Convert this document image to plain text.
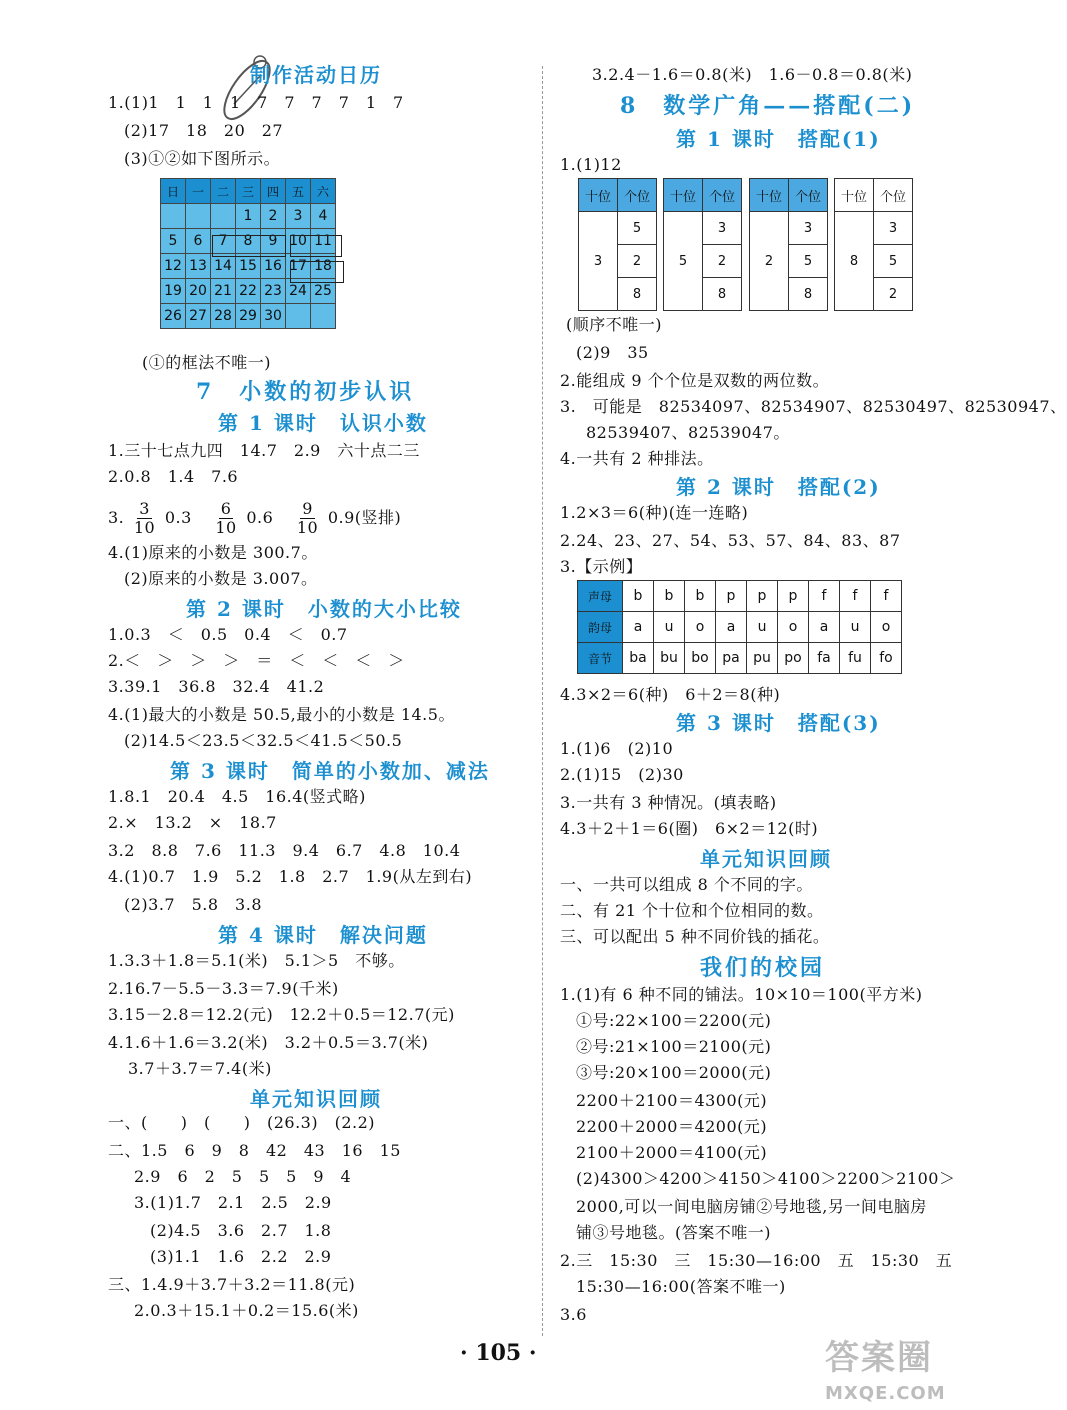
制作活动日历
1.(1)1　1　1　1　7　7　7　7　1　7
(2)17　18　20　27
(3)①②如下图所示。
日	一	二	三	四	五	六
			1	2	3	4
5	6	7	8	9	10	11
12	13	14	15	16	17	18
19	20	21	22	23	24	25
26	27	28	29	30		
(①的框法不唯一)
7　小数的初步认识
第 1 课时　认识小数
1.三十七点九四　14.7　2.9　六十点二三
2.0.8　1.4　7.6
3. $\frac{3}{10} 0.3 \frac{6}{10} 0.6 \frac{9}{10} 0.9$(竖排)
4.(1)原来的小数是 300.7。
(2)原来的小数是 3.007。
第 2 课时　小数的大小比较
1.0.3　＜　0.5　0.4　＜　0.7
2.＜　＞　＞　＞　＝　＜　＜　＜　＞
3.39.1　36.8　32.4　41.2
4.(1)最大的小数是 50.5,最小的小数是 14.5。
(2)14.5＜23.5＜32.5＜41.5＜50.5
第 3 课时　简单的小数加、减法
1.8.1　20.4　4.5　16.4(竖式略)
2.×　13.2　×　18.7
3.2　8.8　7.6　11.3　9.4　6.7　4.8　10.4
4.(1)0.7　1.9　5.2　1.8　2.7　1.9(从左到右)
(2)3.7　5.8　3.8
第 4 课时　解决问题
1.3.3＋1.8＝5.1(米)　5.1＞5　不够。
2.16.7－5.5－3.3＝7.9(千米)
3.15－2.8＝12.2(元)　12.2＋0.5＝12.7(元)
4.1.6＋1.6＝3.2(米)　3.2＋0.5＝3.7(米)
3.7＋3.7＝7.4(米)
单元知识回顾
一、(　　)　(　　)　(26.3)　(2.2)
二、1.5　6　9　8　42　43　16　15
2.9　6　2　5　5　5　9　4
3.(1)1.7　2.1　2.5　2.9
(2)4.5　3.6　2.7　1.8
(3)1.1　1.6　2.2　2.9
三、1.4.9＋3.7＋3.2＝11.8(元)
2.0.3＋15.1＋0.2＝15.6(米)
3.2.4－1.6＝0.8(米)　1.6－0.8＝0.8(米)
8　数学广角——搭配(二)
第 1 课时　搭配(1)
1.(1)12
十位	个位
3	5
	2
	8
十位	个位
5	3
	2
	8
十位	个位
2	3
	5
	8
十位	个位
8	3
	5
	2
(顺序不唯一)
(2)9　35
2.能组成 9 个个位是双数的两位数。
3.　可能是　82534097、82534907、82530497、82530947、
82539407、82539047。
4.一共有 2 种排法。
第 2 课时　搭配(2)
1.2×3＝6(种)(连一连略)
2.24、23、27、54、53、57、84、83、87
3.【示例】
声母	b	b	b	p	p	p	f	f	f
韵母	a	u	o	a	u	o	a	u	o
音节	ba	bu	bo	pa	pu	po	fa	fu	fo
4.3×2＝6(种)　6＋2＝8(种)
第 3 课时　搭配(3)
1.(1)6　(2)10
2.(1)15　(2)30
3.一共有 3 种情况。(填表略)
4.3＋2＋1＝6(圈)　6×2＝12(时)
单元知识回顾
一、一共可以组成 8 个不同的字。
二、有 21 个十位和个位相同的数。
三、可以配出 5 种不同价钱的插花。
我们的校园
1.(1)有 6 种不同的铺法。10×10＝100(平方米)
①号:22×100＝2200(元)
②号:21×100＝2100(元)
③号:20×100＝2000(元)
2200＋2100＝4300(元)
2200＋2000＝4200(元)
2100＋2000＝4100(元)
(2)4300＞4200＞4150＞4100＞2200＞2100＞
2000,可以一间电脑房铺②号地毯,另一间电脑房
铺③号地毯。(答案不唯一)
2.三　15:30　三　15:30—16:00　五　15:30　五
15:30—16:00(答案不唯一)
3.6
· 105 ·	答案圈
MXQE.COM
